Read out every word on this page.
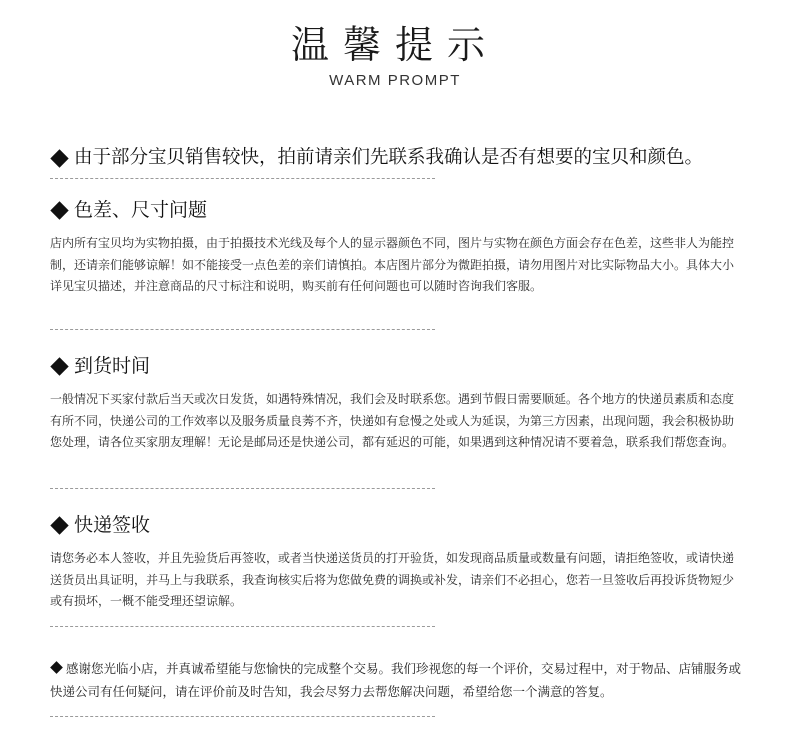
温馨提示
WARM PROMPT
由于部分宝贝销售较快，拍前请亲们先联系我确认是否有想要的宝贝和颜色。
色差、尺寸问题
店内所有宝贝均为实物拍摄，由于拍摄技术光线及每个人的显示器颜色不同，图片与实物在颜色方面会存在色差，这些非人为能控制，还请亲们能够谅解！如不能接受一点色差的亲们请慎拍。本店图片部分为微距拍摄，请勿用图片对比实际物品大小。具体大小详见宝贝描述，并注意商品的尺寸标注和说明，购买前有任何问题也可以随时咨询我们客服。
到货时间
一般情况下买家付款后当天或次日发货，如遇特殊情况，我们会及时联系您。遇到节假日需要顺延。各个地方的快递员素质和态度有所不同，快递公司的工作效率以及服务质量良莠不齐，快递如有怠慢之处或人为延误，为第三方因素，出现问题，我会积极协助您处理，请各位买家朋友理解！无论是邮局还是快递公司，都有延迟的可能，如果遇到这种情况请不要着急，联系我们帮您查询。
快递签收
请您务必本人签收，并且先验货后再签收，或者当快递送货员的打开验货，如发现商品质量或数量有问题，请拒绝签收，或请快递送货员出具证明，并马上与我联系，我查询核实后将为您做免费的调换或补发，请亲们不必担心，您若一旦签收后再投诉货物短少或有损坏，一概不能受理还望谅解。
感谢您光临小店，并真诚希望能与您愉快的完成整个交易。我们珍视您的每一个评价，交易过程中，对于物品、店铺服务或快递公司有任何疑问，请在评价前及时告知，我会尽努力去帮您解决问题，希望给您一个满意的答复。
